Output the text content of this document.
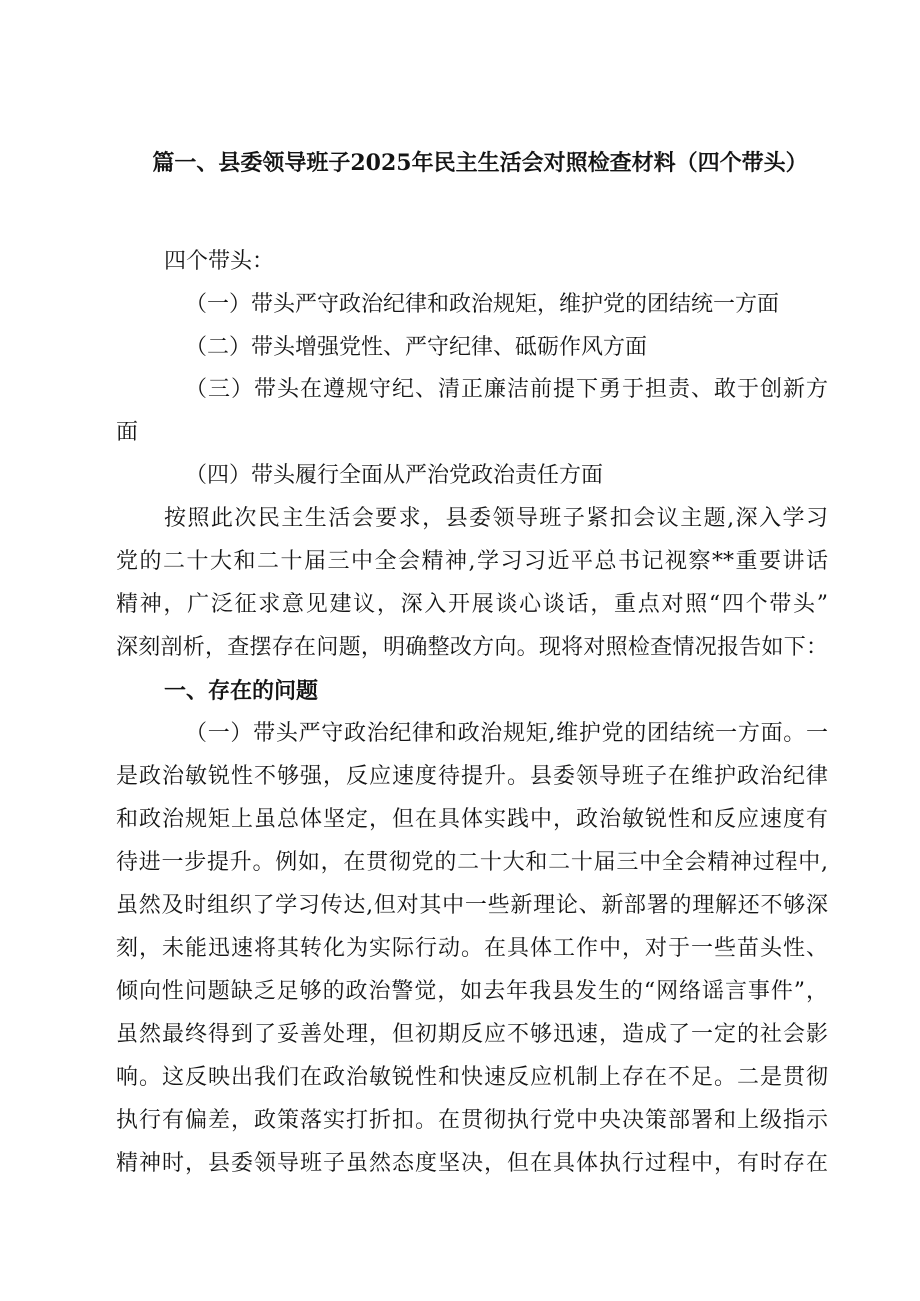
篇一、县委领导班子2025年民主生活会对照检查材料（四个带头）
四个带头：
（一）带头严守政治纪律和政治规矩，维护党的团结统一方面
（二）带头增强党性、严守纪律、砥砺作风方面
（三）带头在遵规守纪、清正廉洁前提下勇于担责、敢于创新方
面
（四）带头履行全面从严治党政治责任方面
按照此次民主生活会要求，县委领导班子紧扣会议主题,深入学习
党的二十大和二十届三中全会精神,学习习近平总书记视察**重要讲话
精神，广泛征求意见建议，深入开展谈心谈话，重点对照“四个带头”
深刻剖析，查摆存在问题，明确整改方向。现将对照检查情况报告如下：
一、存在的问题
（一）带头严守政治纪律和政治规矩,维护党的团结统一方面。一
是政治敏锐性不够强，反应速度待提升。县委领导班子在维护政治纪律
和政治规矩上虽总体坚定，但在具体实践中，政治敏锐性和反应速度有
待进一步提升。例如，在贯彻党的二十大和二十届三中全会精神过程中,
虽然及时组织了学习传达,但对其中一些新理论、新部署的理解还不够深
刻，未能迅速将其转化为实际行动。在具体工作中，对于一些苗头性、
倾向性问题缺乏足够的政治警觉，如去年我县发生的“网络谣言事件”，
虽然最终得到了妥善处理，但初期反应不够迅速，造成了一定的社会影
响。这反映出我们在政治敏锐性和快速反应机制上存在不足。二是贯彻
执行有偏差，政策落实打折扣。在贯彻执行党中央决策部署和上级指示
精神时，县委领导班子虽然态度坚决，但在具体执行过程中，有时存在
